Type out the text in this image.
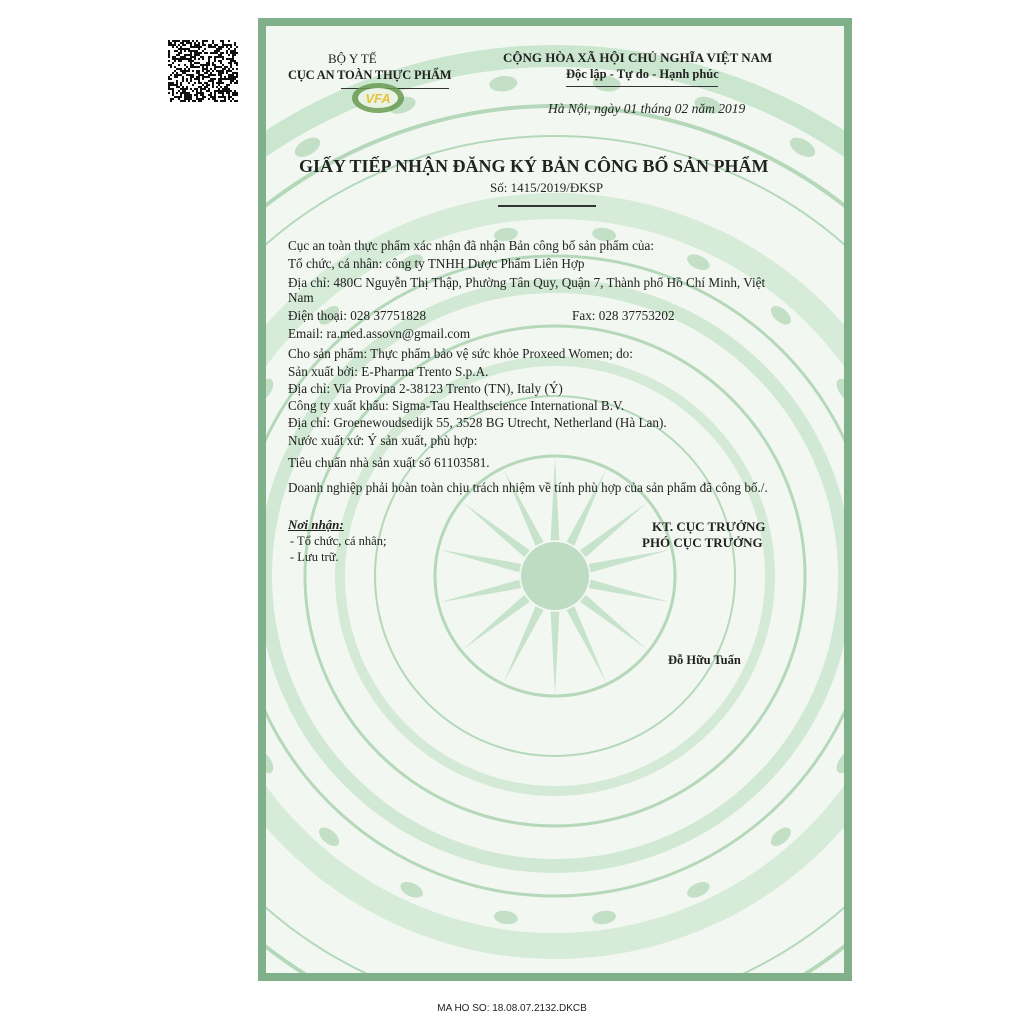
BỘ Y TẾ
CỤC AN TOÀN THỰC PHẨM
VFA
CỘNG HÒA XÃ HỘI CHỦ NGHĨA VIỆT NAM
Độc lập - Tự do - Hạnh phúc
Hà Nội, ngày 01 tháng 02 năm 2019
GIẤY TIẾP NHẬN ĐĂNG KÝ BẢN CÔNG BỐ SẢN PHẨM
Số: 1415/2019/ĐKSP
Cục an toàn thực phẩm xác nhận đã nhận Bản công bố sản phẩm của:
Tổ chức, cá nhân: công ty TNHH Dược Phẩm Liên Hợp
Địa chỉ: 480C Nguyễn Thị Thập, Phường Tân Quy, Quận 7, Thành phố Hồ Chí Minh, Việt
Nam
Điện thoại: 028 37751828	Fax: 028 37753202
Email: ra.med.assovn@gmail.com
Cho sản phẩm: Thực phẩm bảo vệ sức khỏe Proxeed Women; do:
Sản xuất bởi: E-Pharma Trento S.p.A.
Địa chỉ: Via Provina 2-38123 Trento (TN), Italy (Ý)
Công ty xuất khẩu: Sigma-Tau Healthscience International B.V.
Địa chỉ: Groenewoudsedijk 55, 3528 BG Utrecht, Netherland (Hà Lan).
Nước xuất xứ: Ý sản xuất, phù hợp:
Tiêu chuẩn nhà sản xuất số 61103581.
Doanh nghiệp phải hoàn toàn chịu trách nhiệm về tính phù hợp của sản phẩm đã công bố./.
Nơi nhận:
- Tổ chức, cá nhân;
- Lưu trữ.
KT. CỤC TRƯỞNG
PHÓ CỤC TRƯỞNG
Đỗ Hữu Tuấn
MA HO SO: 18.08.07.2132.DKCB
